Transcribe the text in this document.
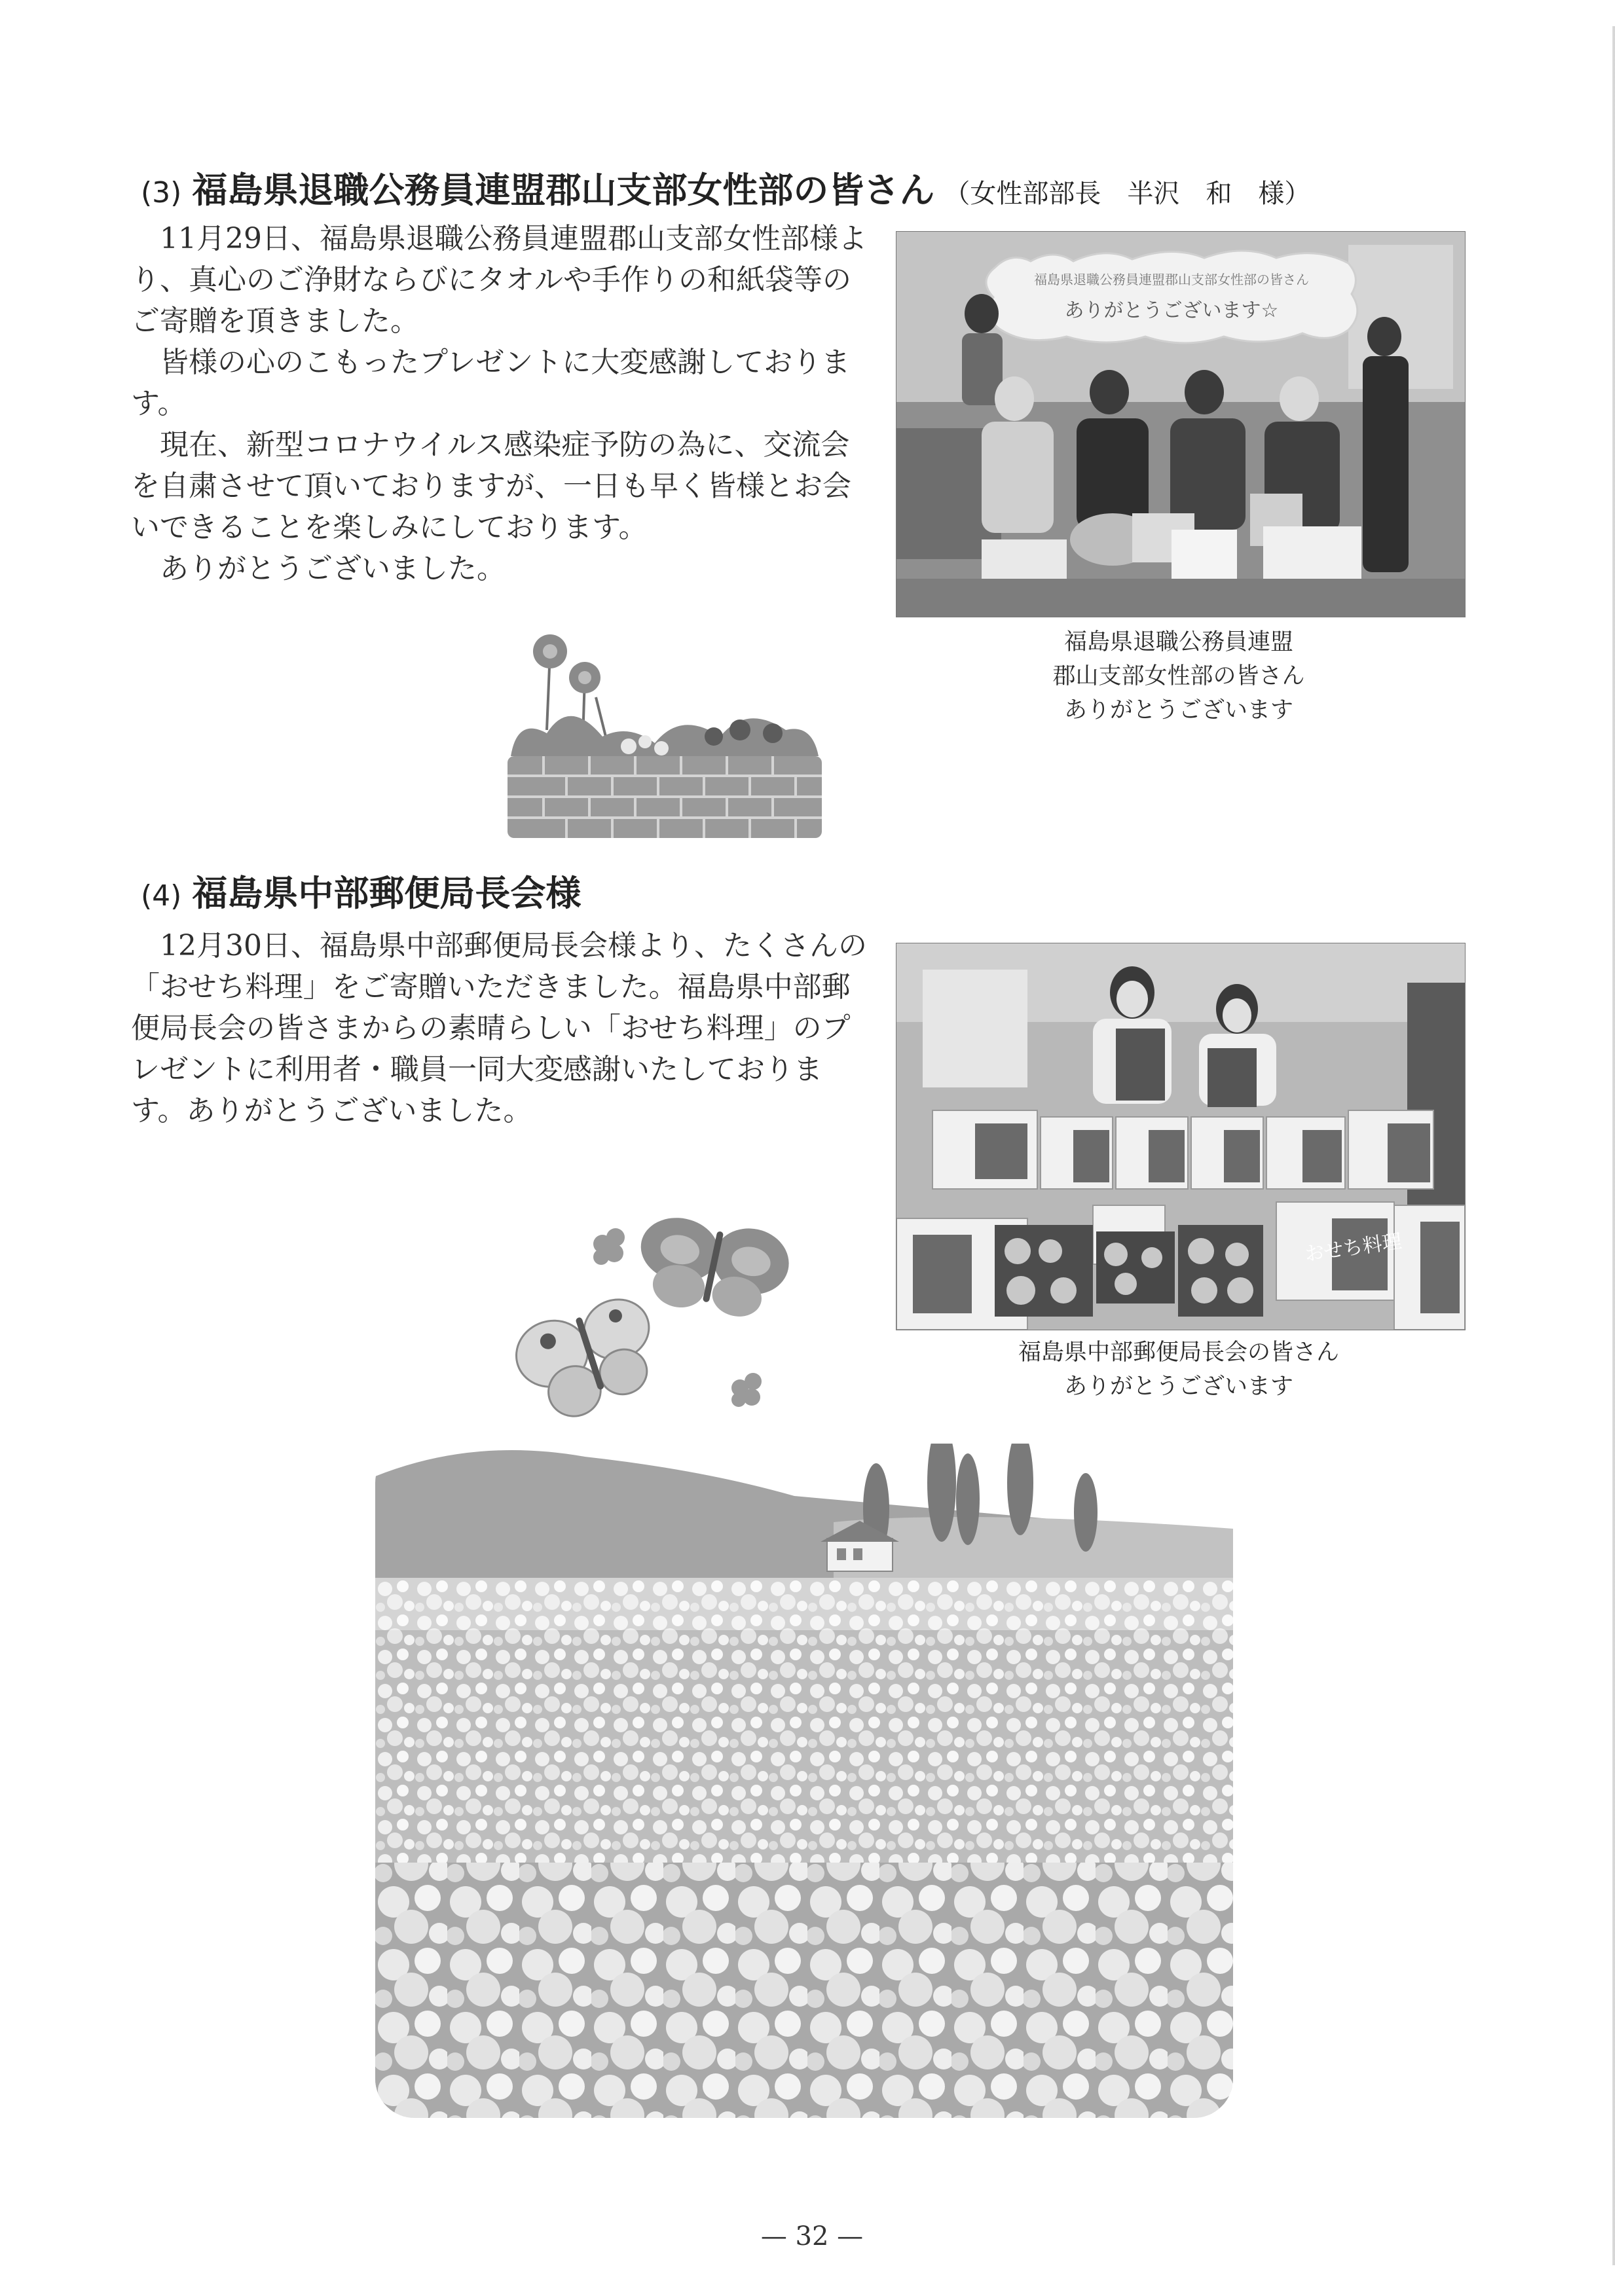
(3) 福島県退職公務員連盟郡山支部女性部の皆さん （女性部部長　半沢　和　様）

11月29日、福島県退職公務員連盟郡山支部女性部様より、真心のご浄財ならびにタオルや手作りの和紙袋等のご寄贈を頂きました。

皆様の心のこもったプレゼントに大変感謝しております。

現在、新型コロナウイルス感染症予防の為に、交流会を自粛させて頂いておりますが、一日も早く皆様とお会いできることを楽しみにしております。

ありがとうございました。

福島県退職公務員連盟郡山支部女性部の皆さん
ありがとうございます☆
福島県退職公務員連盟
郡山支部女性部の皆さん
ありがとうございます
(4) 福島県中部郵便局長会様

12月30日、福島県中部郵便局長会様より、たくさんの「おせち料理」をご寄贈いただきました。福島県中部郵便局長会の皆さまからの素晴らしい「おせち料理」のプレゼントに利用者・職員一同大変感謝いたしております。ありがとうございました。

おせち料理
福島県中部郵便局長会の皆さん
ありがとうございます
— 32 —
